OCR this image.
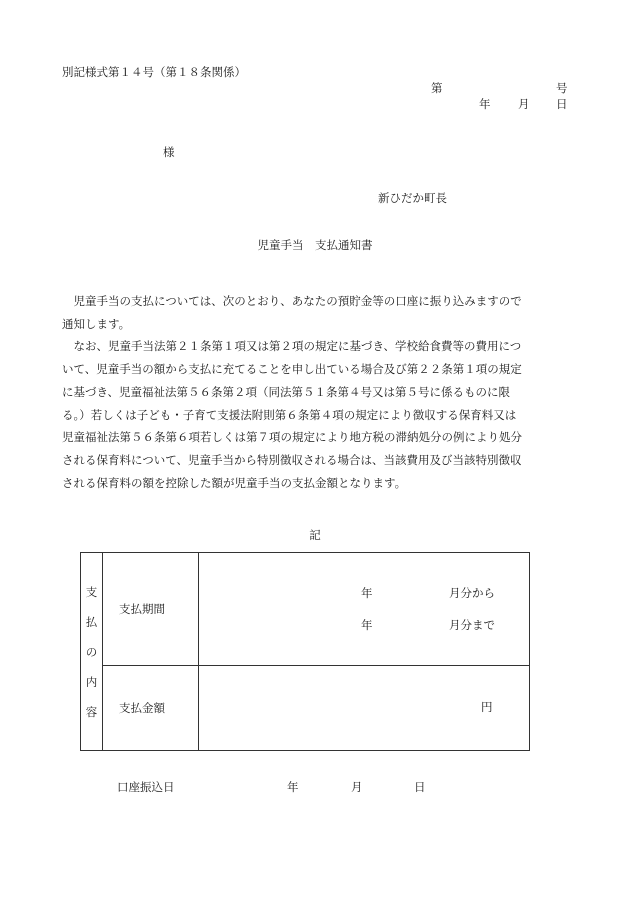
別記様式第１４号（第１８条関係）
第	号
年 月 日
様
新ひだか町長
児童手当　支払通知書
　児童手当の支払については、次のとおり、あなたの預貯金等の口座に振り込みますので
通知します。
　なお、児童手当法第２１条第１項又は第２項の規定に基づき、学校給食費等の費用につ
いて、児童手当の額から支払に充てることを申し出ている場合及び第２２条第１項の規定
に基づき、児童福祉法第５６条第２項（同法第５１条第４号又は第５号に係るものに限
る。）若しくは子ども・子育て支援法附則第６条第４項の規定により徴収する保育料又は
児童福祉法第５６条第６項若しくは第７項の規定により地方税の滞納処分の例により処分
される保育料について、児童手当から特別徴収される場合は、当該費用及び当該特別徴収
される保育料の額を控除した額が児童手当の支払金額となります。
記
支
払
の
内
容	支払期間	年 月分から
年 月分まで

	支払金額	円
口座振込日	年	月	日
